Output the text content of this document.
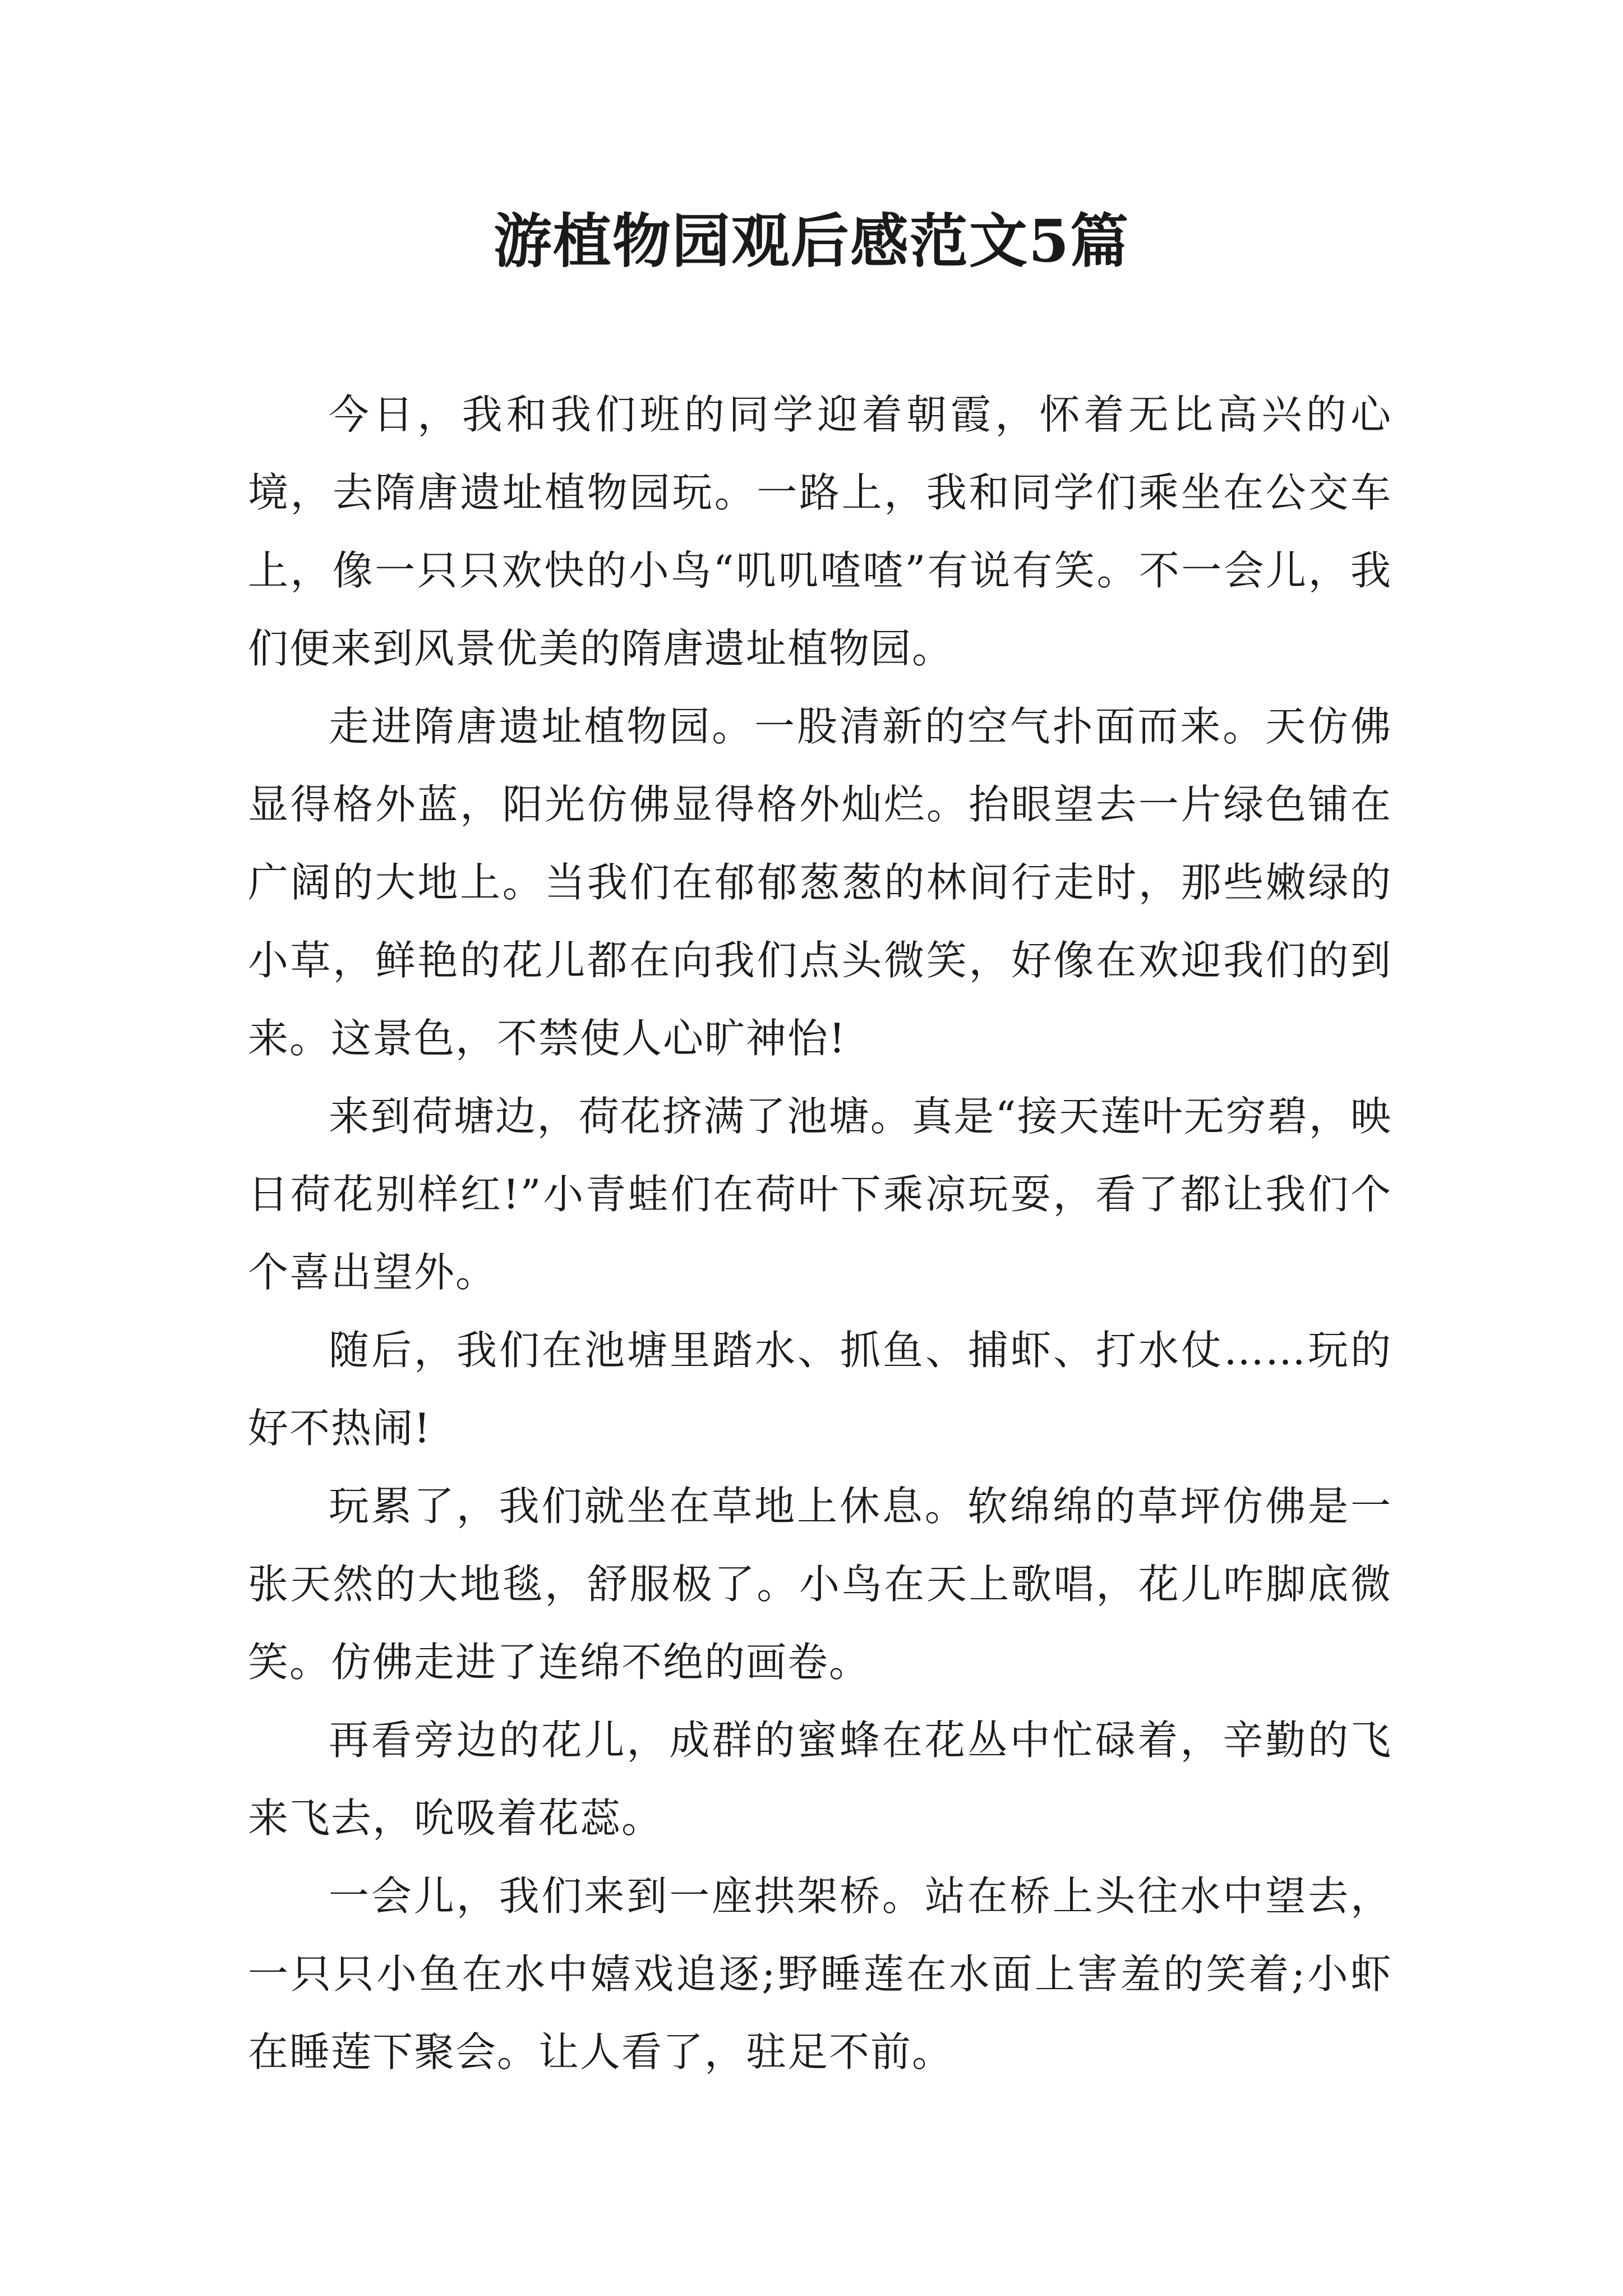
游植物园观后感范文5篇

今日，我和我们班的同学迎着朝霞，怀着无比高兴的心境，去隋唐遗址植物园玩。一路上，我和同学们乘坐在公交车上，像一只只欢快的小鸟“叽叽喳喳”有说有笑。不一会儿，我们便来到风景优美的隋唐遗址植物园。

走进隋唐遗址植物园。一股清新的空气扑面而来。天仿佛显得格外蓝，阳光仿佛显得格外灿烂。抬眼望去一片绿色铺在广阔的大地上。当我们在郁郁葱葱的林间行走时，那些嫩绿的小草，鲜艳的花儿都在向我们点头微笑，好像在欢迎我们的到来。这景色，不禁使人心旷神怡!

来到荷塘边，荷花挤满了池塘。真是“接天莲叶无穷碧，映日荷花别样红!”小青蛙们在荷叶下乘凉玩耍，看了都让我们个个喜出望外。

随后，我们在池塘里踏水、抓鱼、捕虾、打水仗……玩的好不热闹!

玩累了，我们就坐在草地上休息。软绵绵的草坪仿佛是一张天然的大地毯，舒服极了。小鸟在天上歌唱，花儿咋脚底微笑。仿佛走进了连绵不绝的画卷。

再看旁边的花儿，成群的蜜蜂在花丛中忙碌着，辛勤的飞来飞去，吮吸着花蕊。

一会儿，我们来到一座拱架桥。站在桥上头往水中望去，一只只小鱼在水中嬉戏追逐;野睡莲在水面上害羞的笑着;小虾在睡莲下聚会。让人看了，驻足不前。
